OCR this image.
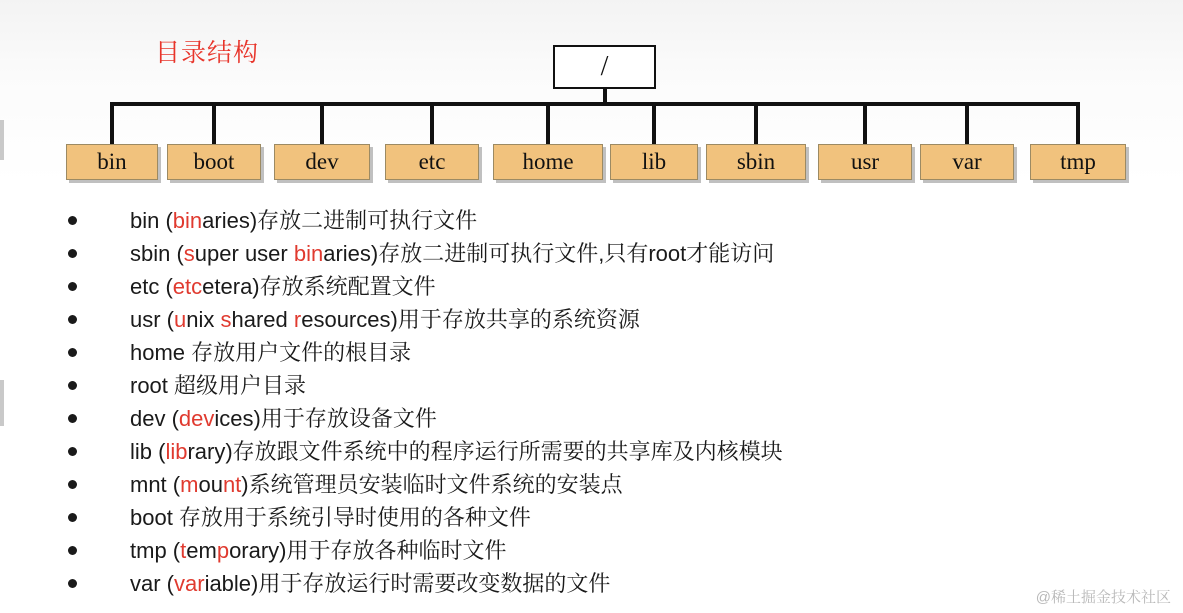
目录结构	/
bin	boot	dev	etc	home	lib	sbin	usr	var	tmp
bin (binaries)存放二进制可执行文件
sbin (super user binaries)存放二进制可执行文件,只有root才能访问
etc (etcetera)存放系统配置文件
usr (unix shared resources)用于存放共享的系统资源
home 存放用户文件的根目录
root 超级用户目录
dev (devices)用于存放设备文件
lib (library)存放跟文件系统中的程序运行所需要的共享库及内核模块
mnt (mount)系统管理员安装临时文件系统的安装点
boot 存放用于系统引导时使用的各种文件
tmp (temporary)用于存放各种临时文件
var (variable)用于存放运行时需要改变数据的文件
@稀土掘金技术社区
